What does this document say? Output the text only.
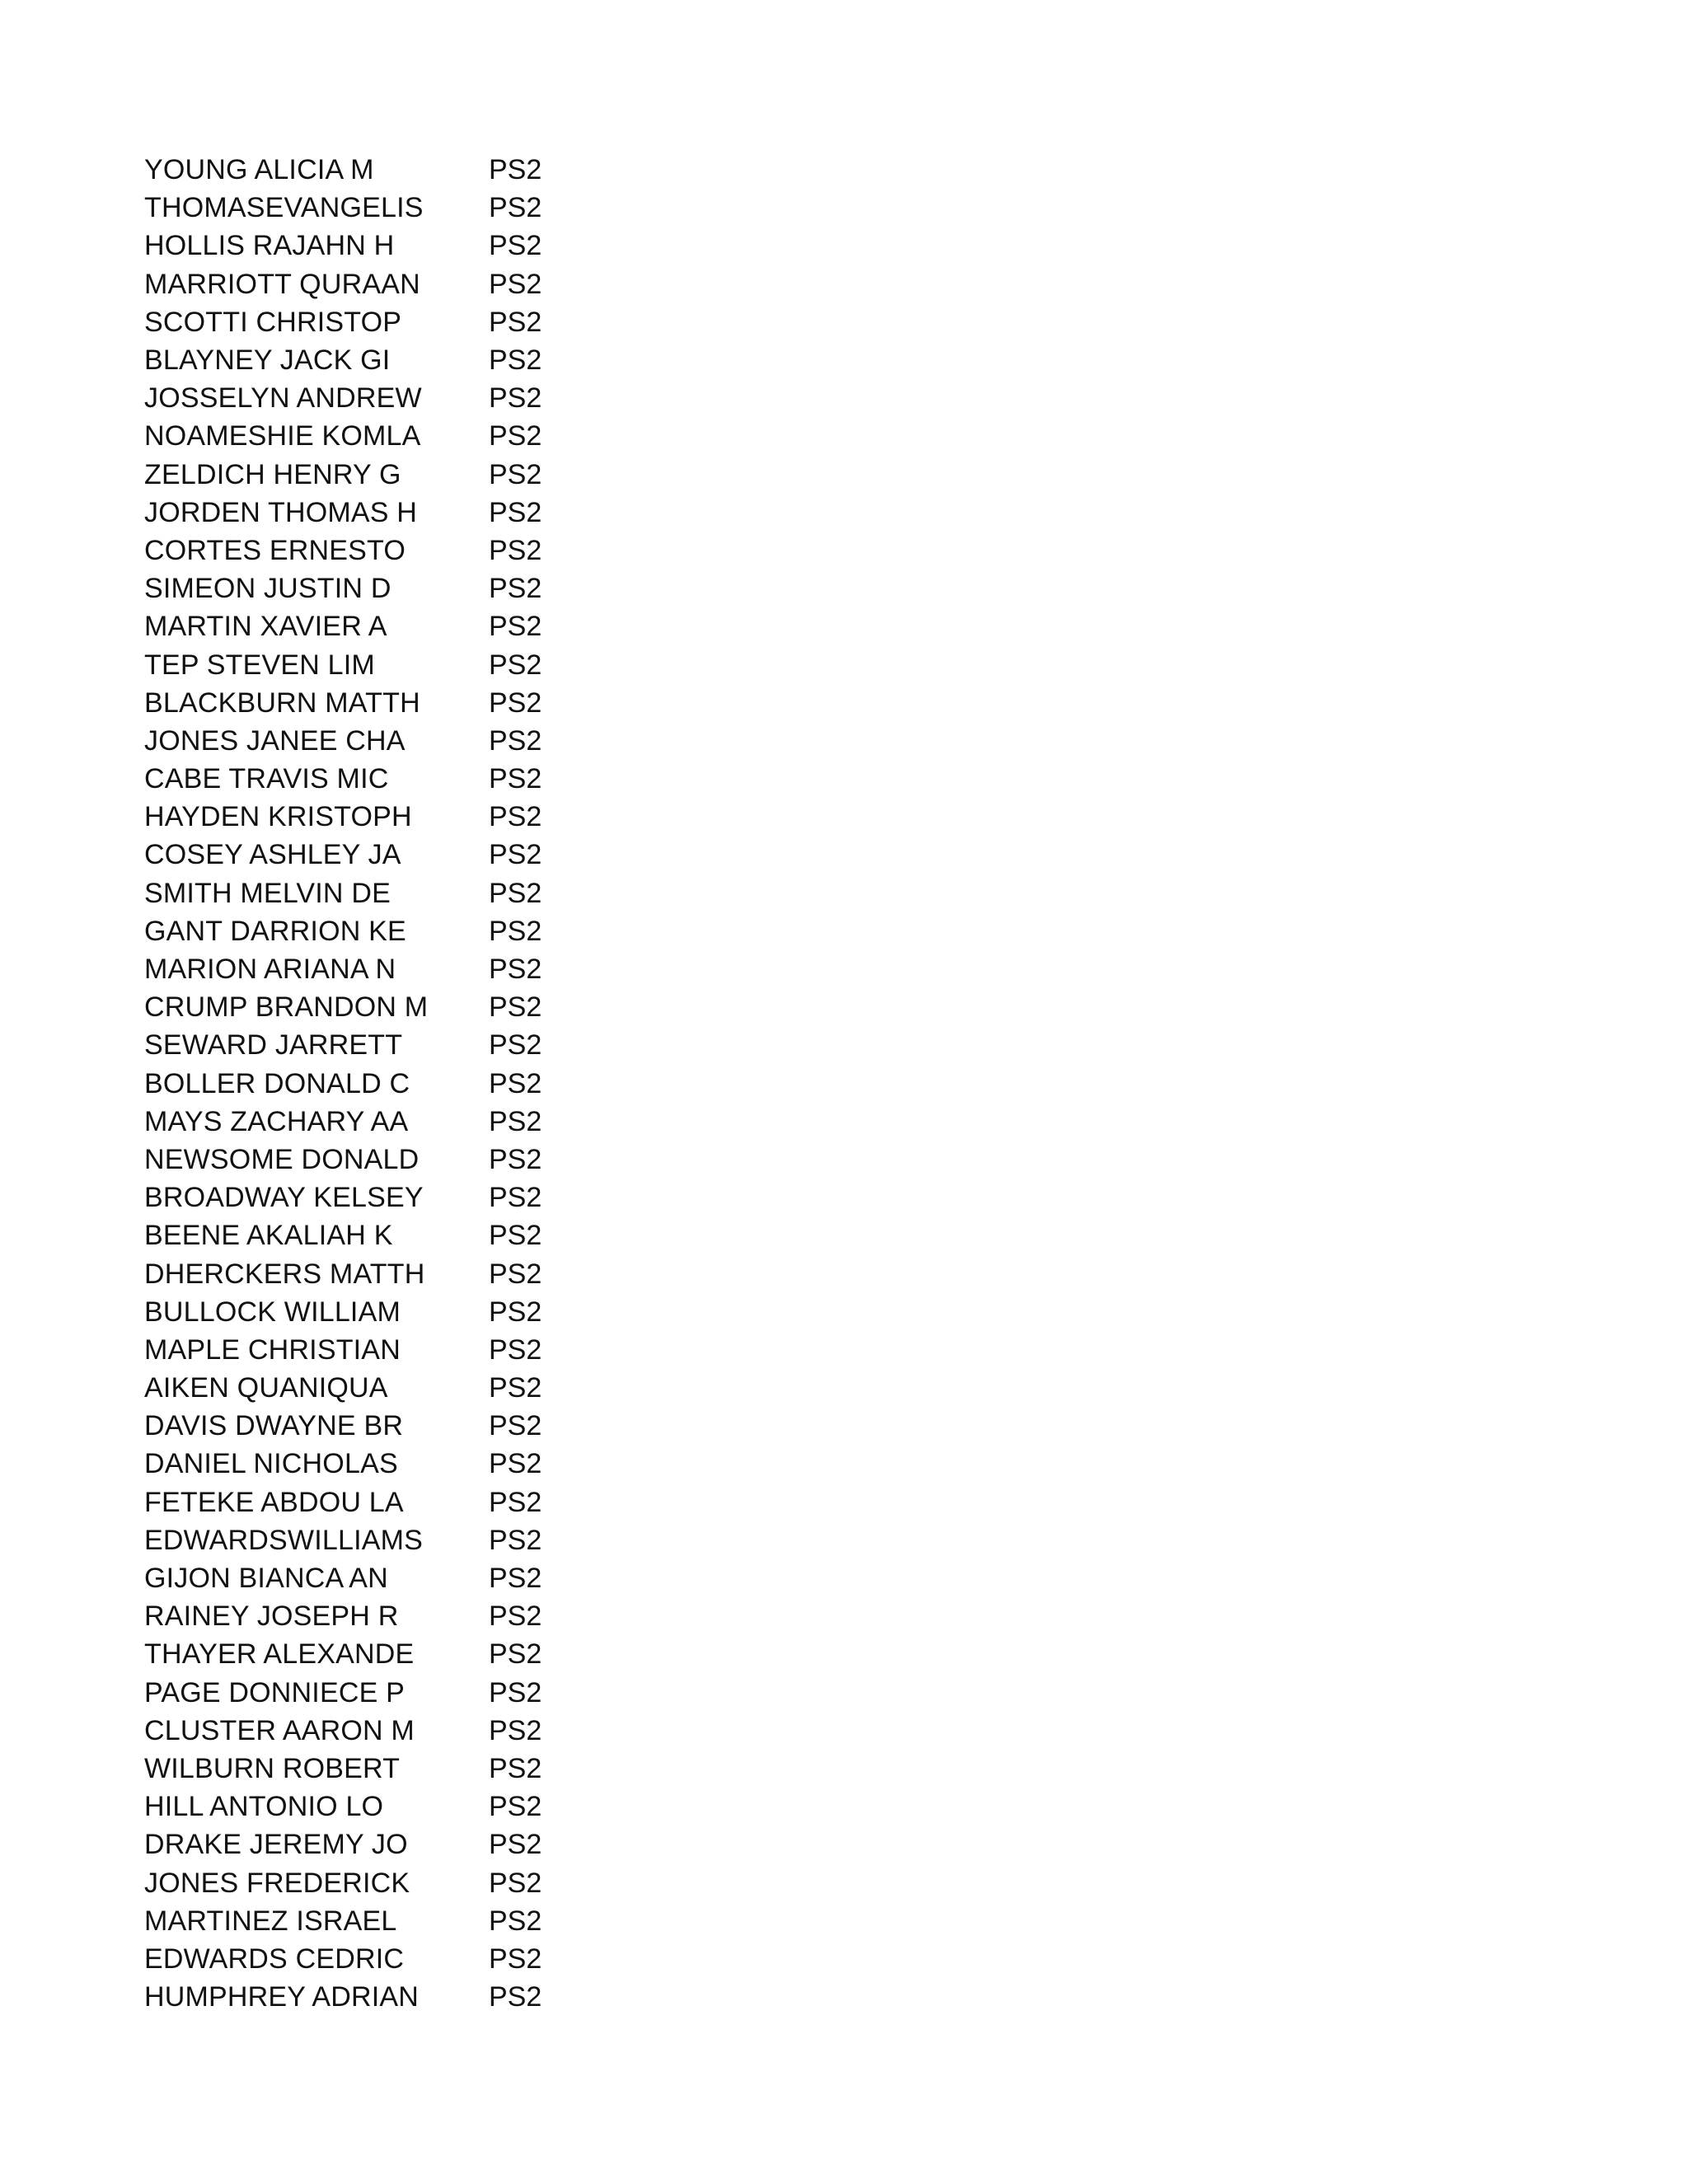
YOUNG ALICIA M	PS2
THOMASEVANGELIS	PS2
HOLLIS RAJAHN H	PS2
MARRIOTT QURAAN	PS2
SCOTTI CHRISTOP	PS2
BLAYNEY JACK GI	PS2
JOSSELYN ANDREW	PS2
NOAMESHIE KOMLA	PS2
ZELDICH HENRY G	PS2
JORDEN THOMAS H	PS2
CORTES ERNESTO	PS2
SIMEON JUSTIN D	PS2
MARTIN XAVIER A	PS2
TEP STEVEN LIM	PS2
BLACKBURN MATTH	PS2
JONES JANEE CHA	PS2
CABE TRAVIS MIC	PS2
HAYDEN KRISTOPH	PS2
COSEY ASHLEY JA	PS2
SMITH MELVIN DE	PS2
GANT DARRION KE	PS2
MARION ARIANA N	PS2
CRUMP BRANDON M	PS2
SEWARD JARRETT	PS2
BOLLER DONALD C	PS2
MAYS ZACHARY AA	PS2
NEWSOME DONALD	PS2
BROADWAY KELSEY	PS2
BEENE AKALIAH K	PS2
DHERCKERS MATTH	PS2
BULLOCK WILLIAM	PS2
MAPLE CHRISTIAN	PS2
AIKEN QUANIQUA	PS2
DAVIS DWAYNE BR	PS2
DANIEL NICHOLAS	PS2
FETEKE ABDOU LA	PS2
EDWARDSWILLIAMS	PS2
GIJON BIANCA AN	PS2
RAINEY JOSEPH R	PS2
THAYER ALEXANDE	PS2
PAGE DONNIECE P	PS2
CLUSTER AARON M	PS2
WILBURN ROBERT	PS2
HILL ANTONIO LO	PS2
DRAKE JEREMY JO	PS2
JONES FREDERICK	PS2
MARTINEZ ISRAEL	PS2
EDWARDS CEDRIC	PS2
HUMPHREY ADRIAN	PS2
